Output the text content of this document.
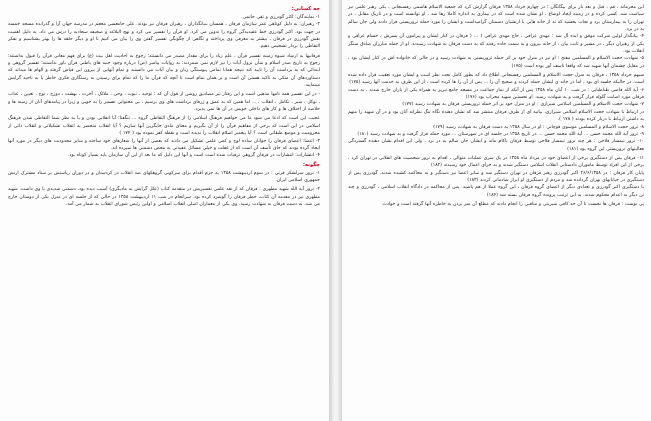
چه کسانی:

۱- نمایندگان: اکثر گودرزی و تقی حاتمی.

۲- رهبران: به دلیل کوتاهی عمر سازمان فرقان ، همسان بنیانگذاران ، رهبران فرقان نیز بودند. علی حامعسی معجم در مدرسه جهان آرا و گذرانده مسجد خمسه در جهت بود. اکبر گودرزی خط عقیدیدگی گروه را تدوین می کرد. او قرآن را تفسیر می کرد و نهج البلاغه و صحیفه سجادیه را درس می داد. به دلیل اهمیت نقش گودرزی در فرقان ، بیشتر به معرفی وی پرداخته و نگاهی از چگونگی تفسیر گفتن وی را بیان می کنیم تا او و دیگر حلقه ها را بهتر بشناسیم و تفکر التقاطی را بردار تشخیص دهیم.

فرقانیها به ارشاد شیوه زمینه تفسیر قرآن ، علم زیاد را برای مقدار مصدر می دانستند؛ رجوع به احادیث اهل بیت (ع) برای فهم معانی قرآن را قبول نداشتند؛ رجوع به تاریخ صدر اسلام و شأن نزول آیات را نیز لازم نمی شمردند؛ به روایات پیامبر (ص) درباره وجود جنبه های باطنی قرآن باور نداشتند؛ تفسیر گروهی و ابتدائی که به برداشت آن را تایید کند نتیجه همانا تمامی پیوستگی زبان و بیان آیات می دانستند و تمام آنهایی از بیرون این قیاس گرفته و الهام ها میداند که دستاوردهای آن متکی به تاکید هستی آن است و بر همان تمام است تا آنچه که قرآن ما را که تمام برای رسیدن به رستگاری فکری خاطر پا به ناحیه گرایش مینمایند.

- در این تفسیر همه نامها مذهبی است و این رفتار نیز مصادیق روشن از قول آن که : توحید ، نبوت ، وحی ، ملائک ، آخرت ، بهشت ، دوزخ ، نوح ، تعیین ، عذاب ، توکل ، صبر ، تکامل ، انقلاب ، ... اما همین که به عمق و ژرفای برداشت های وی برسیم ، بی محتوایی تفسیر را به خوبی و زیرا در پیامدهای آنان از زمینه ها و خلاصه از اختلاف ها و کار های داخلی خویش در آن ها نمی پذیرد.

عجیب این است که ادعا می شود ما می خواهیم فرهنگ اسلامی را از فرهنگ التقاطی گروه ... تنگفتا؛ آیا انقلابی بودن و یا به نظر شما التقاطی شدن فرهنگ اسلامی در این است که برخی از مفاهیم قرآن را از آن بگیریم و معنای مادی جایگزین آنها سازیم ؟ آیا انقلاب منحصر به انقلاب تشکیلاتی و انقلاب ذاتی از محرومیت و موضع طبقاتی است ؟ آیا پیغمبر اسلام انقلاب را ندیده است و نقطه کفر نموده بود ( ۱۷۴ )

۳- اعضا: اعضای فرقان را جوانان ساده لوح و کمی علمی تشکیل می دادند که بعضی از آنها را شعارهای خود ساخته و سایر محدودیت های دیگر در مورد آنها ایجاد گرده بودند که جای تأسف آن است که از غفلت و خیلی مسائل عقیدتی به محض دشمنی ها سپرده اند.

۴- انتشارات: انتشارات در فرقان گروهی ترقیات شده است است و آنها این دلیل که ما بعد از این آن سازمان باید بسیار کوتاه بود.

چگونه:

۱- ترور سرلشکر قرنی : در سوم اردیبهشت ۱۳۵۸ به جرم اقدام برای سرکوبی گروهکهای ضد انقلاب در کردستان و در دوران ریاستش بر ستاد مشترک ارتش جمهوری اسلامی ایران.

۲- ترور آیة الله شهید مطهری : فرقان که از نقد علمی تفسیریش در منقدمه کتاب (علل گرایش به مادیگری) آسیب دیده بود، دشمنی شدیدی با وی داشت. شهید مطهری نیز در مقدمه آن کتاب، خطر فرقان را گوشزد کرده بود. سرانجام در شب ۱۱ اردیبهشت ۱۳۵۸ در حالی که از جلسه ای در منزل یکی از دوستان خارج می شد، به دست فرقان به شهادت رسید. وی یکی از معماران اصلی انقلاب اسلامی و اولین رئیس شورای انقلاب به شمار می آمد.

این محرمانه ، قم ، قبل و بعد بار برای بیگانگان ؛ در چهارم خرداد ۱۳۵۸ فرقان گزارش کرد که جمعیة الاسلام هاشمی رفسنجانی ، یکی رهبر علمی نیز سیاست شد. کسی کرده و در زمینه ایجاد اوضاع ، او نشان شده است که در بیماری به اندازه کاملا رها شد ، او توانسته است و در تاریک مقابل ، در تهران را به بیمارستان برد و نجات بخشید که نه از خانه هایی با ارتشیان دشمنان گرامیداشت و ایشان را مورد حمله تروریستی قرار دادند ولی جان سالم به در برد.

۴- بیانگذار اولین شرکت موفق و ایده آل شد : مهدی عراقی ، حاج مهدی عراقی ( … ( فرقان در کنار ایشان و پیرامون آن پسرش ، حسام عراقی و یکی از رهبران دیگر ، در مسیر و ثابت بیان ، از خانه بیرون و به سمت جاده رفتند که به دست فرقان به شهادت رسیدند. او از جمله مبارزان صادق سنگر انقلاب بود.

۵- شهادت حجت الاسلام و المسلمین مفتح : او نیز در منزل خود بر اثر حمله تروریستی به شهادت رسید و در حالی که خانواده اش در کنار ایشان بود ، در مقابل چشمان آنها شهید شد که واقعا تاسف آور بوده است (۱۷۵)

شبهم خرداد ۱۳۵۸ ، فرقان به منزل حجت الاسلام و المسلمین رفسنجانی اطلاع داد که بطور کامل تحت نظر است و ایشان مورد تعقیب قرار داده شده است. در حالیکه جلسه ای بود ، اما در خانه ی ایشان حمله کردند و صحیح آن را ... پس از آن را ها کرده است ، از این طرف به خدمت آنها رسید (۱۷۵)

۶- آیة الله قاضی طباطبایی : در شب ۱۰ آبان ماه ۱۳۵۸ پس از آنکه از نماز جماعت در مسجد جامع تبریز به همراه یکی از یاران خارج شدند ، به دست فرقان مورد اصابت گلوله قرار گرفت و به شهادت رسید. او نخستین شهید محراب بود (۱۷۶)

۷- شهادت حجت الاسلام و المسلمین اسلامی شیرازی : او در منزل خود بر اثر حمله تروریستی فرقان به شهادت رسید (۱۷۷)

در ارتباط با شهادت حجت الاسلام اسلامی شیرازی، بیانیه ای از طرف فرقان منتشر شد که نشان دهنده نگاه تنگ نظرانه آنان بود و در آن شهید را متهم به داشتن ارتباط با دربار کرده بودند ( ۱۷۸ ).

۸- ترور حجت الاسلام و المسلمین موسوی قوچانی : او در سال ۱۳۵۸ به دست فرقان به شهادت رسید (۱۷۹)

۹- ترور آیة الله محمد حسن ... آیة الله محمد حسن ... در تاریخ ۱۳۵۸ در جلسه ای در شهرستان ... مورد حمله قرار گرفت و به شهادت رسید (۱۸۰)

۱۰- ترور تیمسار فلاحی : هر چند ترور تیمسار فلاحی توسط فرقان ناکام ماند و ایشان جان سالم به در برد ، ولی این اقدام نشان دهنده گستردگی فعالیتهای تروریستی این گروه بود (۱۸۱)

۱۱- فرقان پس از دستگیری برخی از اعضای خود در مرداد ماه ۱۳۵۸ در یک سری عملیات متوالی ، اقدام به ترور شخصیت های انقلابی در تهران کرد ، برخی از این افراد توسط ماموران دادستانی انقلاب اسلامی دستگیر شدند و به جزای اعمال خود رسیدند (۱۸۲)

پایان کار فرقان : در ۲۶/۶/۱۳۵۸ اکبر گودرزی رهبر فرقان در تهران دستگیر شد و سایر اعضا نیز دستگیر و به محاکمه کشیده شدند. گودرزی پس از دستگیری در خیابانهای تهران گردانده شد و مردم از دستگیری او ابراز شادمانی کردند (۱۸۳)

با دستگیری اکبر گودرزی و تعدادی دیگر از اعضای گروه فرقان ، این گروه عملا از هم پاشید. پس از محاکمه در دادگاه انقلاب اسلامی ، گودرزی و چند تن دیگر به اعدام محکوم شدند. به این ترتیب پرونده گروه فرقان بسته شد (۱۸۴)

پی نوشت : فرقان ها نخست تا آن حد کافی شیرینی و مناقبی را انجام دادند که مطلع آن سر بردن به خاطره آنها گرفته است و حوادث
